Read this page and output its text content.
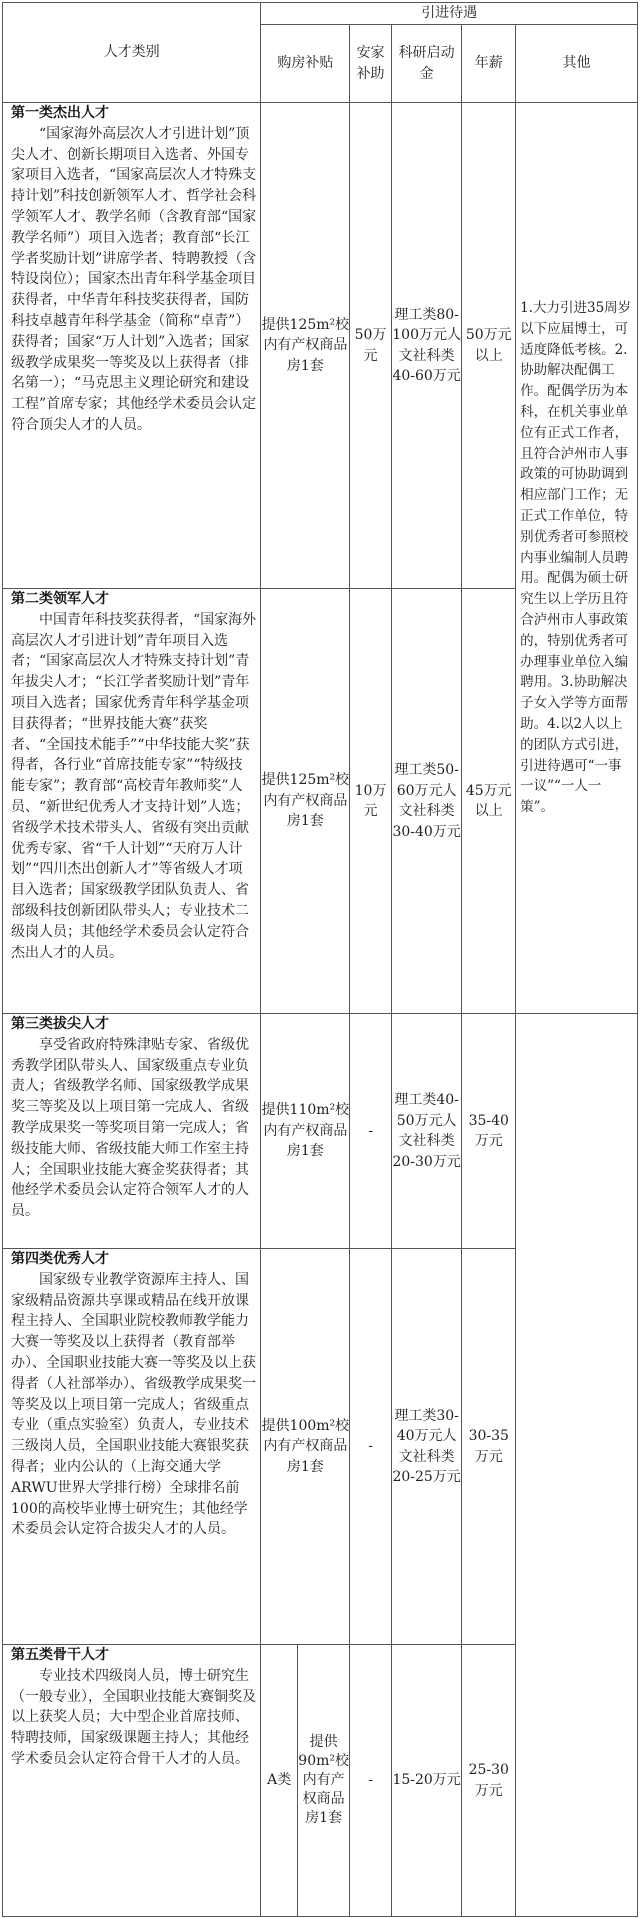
人才类别	引进待遇					
	购房补贴		安家补助	科研启动金	年薪	其他

第一类杰出人才
“国家海外高层次人才引进计划”顶尖人才、创新长期项目入选者、外国专家项目入选者，“国家高层次人才特殊支持计划”科技创新领军人才、哲学社会科学领军人才、教学名师（含教育部“国家教学名师”）项目入选者；教育部“长江学者奖励计划”讲席学者、特聘教授（含特设岗位）；国家杰出青年科学基金项目获得者，中华青年科技奖获得者，国防科技卓越青年科学基金（简称“卓青”）获得者；国家“万人计划”入选者；国家级教学成果奖一等奖及以上获得者（排名第一）；“马克思主义理论研究和建设工程”首席专家；其他经学术委员会认定符合顶尖人才的人员。	提供125m²校内有产权商品房1套		50万元	理工类80-100万元人文社科类40-60万元	50万元以上	1.大力引进35周岁以下应届博士，可适度降低考核。2.协助解决配偶工作。配偶学历为本科，在机关事业单位有正式工作者，且符合泸州市人事政策的可协助调到相应部门工作；无正式工作单位，特别优秀者可参照校内事业编制人员聘用。配偶为硕士研究生以上学历且符合泸州市人事政策的，特别优秀者可办理事业单位入编聘用。3.协助解决子女入学等方面帮助。4.以2人以上的团队方式引进，引进待遇可“一事一议”“一人一策”。

第二类领军人才
中国青年科技奖获得者，“国家海外高层次人才引进计划”青年项目入选者；“国家高层次人才特殊支持计划”青年拔尖人才；“长江学者奖励计划”青年项目入选者；国家优秀青年科学基金项目获得者；“世界技能大赛”获奖者、“全国技术能手”“中华技能大奖”获得者，各行业“首席技能专家”“特级技能专家”；教育部“高校青年教师奖”人员、“新世纪优秀人才支持计划”人选；省级学术技术带头人、省级有突出贡献优秀专家、省“千人计划”“天府万人计划”“四川杰出创新人才”等省级人才项目入选者；国家级教学团队负责人、省部级科技创新团队带头人；专业技术二级岗人员；其他经学术委员会认定符合杰出人才的人员。	提供125m²校内有产权商品房1套		10万元	理工类50-60万元人文社科类30-40万元	45万元以上	

第三类拔尖人才
享受省政府特殊津贴专家、省级优秀教学团队带头人、国家级重点专业负责人；省级教学名师、国家级教学成果奖三等奖及以上项目第一完成人、省级教学成果奖一等奖项目第一完成人；省级技能大师、省级技能大师工作室主持人；全国职业技能大赛金奖获得者；其他经学术委员会认定符合领军人才的人员。	提供110m²校内有产权商品房1套		-	理工类40-50万元人文社科类20-30万元	35-40万元	

第四类优秀人才
国家级专业教学资源库主持人、国家级精品资源共享课或精品在线开放课程主持人、全国职业院校教师教学能力大赛一等奖及以上获得者（教育部举办）、全国职业技能大赛一等奖及以上获得者（人社部举办）、省级教学成果奖一等奖及以上项目第一完成人；省级重点专业（重点实验室）负责人，专业技术三级岗人员，全国职业技能大赛银奖获得者；业内公认的（上海交通大学ARWU世界大学排行榜）全球排名前100的高校毕业博士研究生；其他经学术委员会认定符合拔尖人才的人员。	提供100m²校内有产权商品房1套		-	理工类30-40万元人文社科类20-25万元	30-35万元	

第五类骨干人才
专业技术四级岗人员，博士研究生（一般专业），全国职业技能大赛铜奖及以上获奖人员；大中型企业首席技师、特聘技师，国家级课题主持人；其他经学术委员会认定符合骨干人才的人员。	A类	提供90m²校内有产权商品房1套	-	15-20万元	25-30万元	
